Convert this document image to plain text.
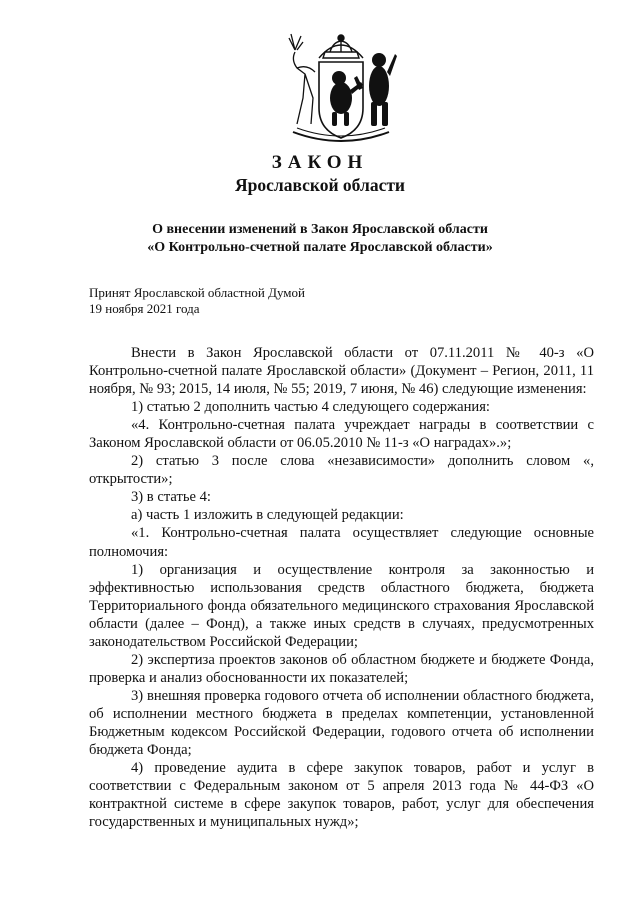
ЗАКОН
Ярославской области
О внесении изменений в Закон Ярославской области
«О Контрольно-счетной палате Ярославской области»
Принят Ярославской областной Думой
19 ноября 2021 года

Внести в Закон Ярославской области от 07.11.2011 № 40-з «О Контрольно-счетной палате Ярославской области» (Документ – Регион, 2011, 11 ноября, № 93; 2015, 14 июля, № 55; 2019, 7 июня, № 46) следующие изменения:

1) статью 2 дополнить частью 4 следующего содержания:

«4. Контрольно-счетная палата учреждает награды в соответствии с Законом Ярославской области от 06.05.2010 № 11-з «О наградах».»;

2) статью 3 после слова «независимости» дополнить словом «, открытости»;

3) в статье 4:

а) часть 1 изложить в следующей редакции:

«1. Контрольно-счетная палата осуществляет следующие основные полномочия:

1) организация и осуществление контроля за законностью и эффективностью использования средств областного бюджета, бюджета Территориального фонда обязательного медицинского страхования Ярославской области (далее – Фонд), а также иных средств в случаях, предусмотренных законодательством Российской Федерации;

2) экспертиза проектов законов об областном бюджете и бюджете Фонда, проверка и анализ обоснованности их показателей;

3) внешняя проверка годового отчета об исполнении областного бюджета, об исполнении местного бюджета в пределах компетенции, установленной Бюджетным кодексом Российской Федерации, годового отчета об исполнении бюджета Фонда;

4) проведение аудита в сфере закупок товаров, работ и услуг в соответствии с Федеральным законом от 5 апреля 2013 года № 44-ФЗ «О контрактной системе в сфере закупок товаров, работ, услуг для обеспечения государственных и муниципальных нужд»;
